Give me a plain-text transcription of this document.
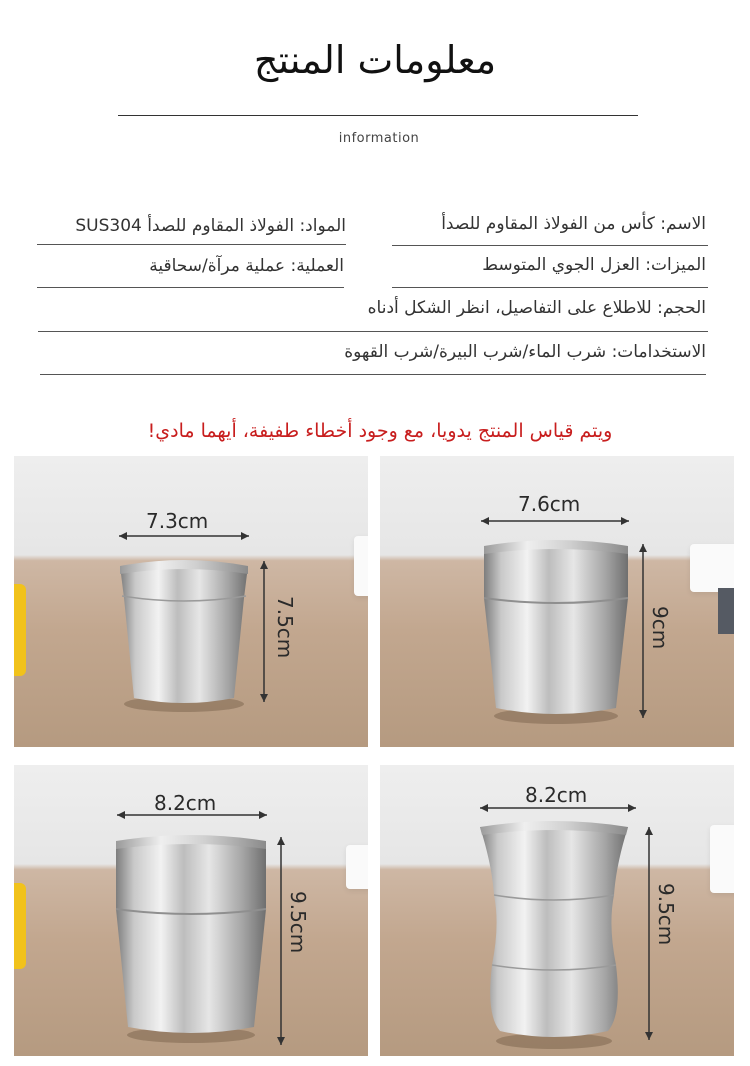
معلومات المنتج
information
الاسم: كأس من الفولاذ المقاوم للصدأ
المواد: الفولاذ المقاوم للصدأ SUS304
الميزات: العزل الجوي المتوسط
العملية: عملية مرآة/سحاقية
الحجم: للاطلاع على التفاصيل، انظر الشكل أدناه
الاستخدامات: شرب الماء/شرب البيرة/شرب القهوة
ويتم قياس المنتج يدويا، مع وجود أخطاء طفيفة، أيهما مادي!
7.3cm
7.5cm
7.6cm
9cm
8.2cm
9.5cm
8.2cm
9.5cm
